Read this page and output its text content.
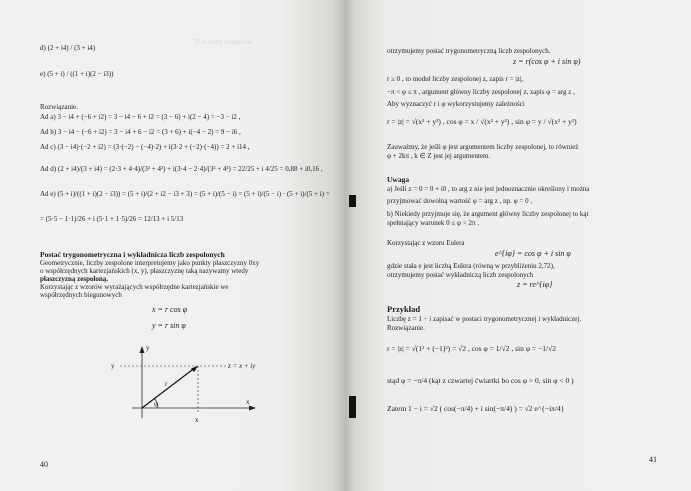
II. Liczby zespolone
d) (2 + i4) / (3 + i4)
e) (5 + i) / ((1 + i)(2 − i3))
Rozwiązanie.
Ad a) 3 − i4 + (−6 + i2) = 3 − i4 − 6 + i2 = (3 − 6) + i(2 − 4) = −3 − i2 ,
Ad b) 3 − i4 − (−6 + i2) = 3 − i4 + 6 − i2 = (3 + 6) + i(−4 − 2) = 9 − i6 ,
Ad c) (3 − i4)·(−2 + i2) = (3·(−2) − (−4)·2) + i(3·2 + (−2)·(−4)) = 2 + i14 ,
Ad d) (2 + i4)/(3 + i4) = (2·3 + 4·4)/(3² + 4²) + i(3·4 − 2·4)/(3² + 4²) = 22/25 + i 4/25 = 0,88 + i0,16 ,
Ad e) (5 + i)/((1 + i)(2 − i3)) = (5 + i)/(2 + i2 − i3 + 3) = (5 + i)/(5 − i) = (5 + i)/(5 − i) · (5 + i)/(5 + i) =
= (5·5 − 1·1)/26 + i (5·1 + 1·5)/26 = 12/13 + i 5/13
Postać trygonometryczna i wykładnicza liczb zespolonych
Geometrycznie, liczby zespolone interpretujemy jako punkty płaszczyzny 0xy
o współrzędnych kartezjańskich (x, y), płaszczyznę taką nazywamy wtedy
płaszczyzną zespoloną.
Korzystając z wzorów wyrażających współrzędne kartezjańskie we
współrzędnych biegunowych
x = r cos φ
y = r sin φ
y
y	z = x + iy
r
φ	x
x
40
otrzymujemy postać trygonometryczną liczb zespolonych.
z = r(cos φ + i sin φ)
r ≥ 0 , to moduł liczby zespolonej z, zapis r = |z|,
−π < φ ≤ π , argument główny liczby zespolonej z, zapis φ = arg z ,
Aby wyznaczyć r i φ wykorzystujemy zależności
r = |z| = √(x² + y²) , cos φ = x / √(x² + y²) , sin φ = y / √(x² + y²)
Zauważmy, że jeśli φ jest argumentem liczby zespolonej, to również
φ + 2kπ , k ∈ Z jest jej argumentem.
Uwaga
a) Jeśli z = 0 = 0 + i0 , to arg z nie jest jednoznacznie określony i można
przyjmować dowolną wartość φ = arg z , np. φ = 0 ,
b) Niekiedy przyjmuje się, że argument główny liczby zespolonej to kąt
spełniający warunek 0 ≤ φ < 2π .
Korzystając z wzoru Eulera
e^{iφ} = cos φ + i sin φ
gdzie stała e jest liczbą Eulera (równą w przybliżeniu 2,72),
otrzymujemy postać wykładniczą liczb zespolonych
z = re^{iφ}
Przykład
Liczbę z = 1 − i zapisać w postaci trygonometrycznej i wykładniczej.
Rozwiązanie.
r = |z| = √(1² + (−1)²) = √2 , cos φ = 1/√2 , sin φ = −1/√2
stąd φ = −π/4 (kąt z czwartej ćwiartki bo cos φ > 0, sin φ < 0 )
Zatem 1 − i = √2 ( cos(−π/4) + i sin(−π/4) ) = √2 e^{−iπ/4}
41
